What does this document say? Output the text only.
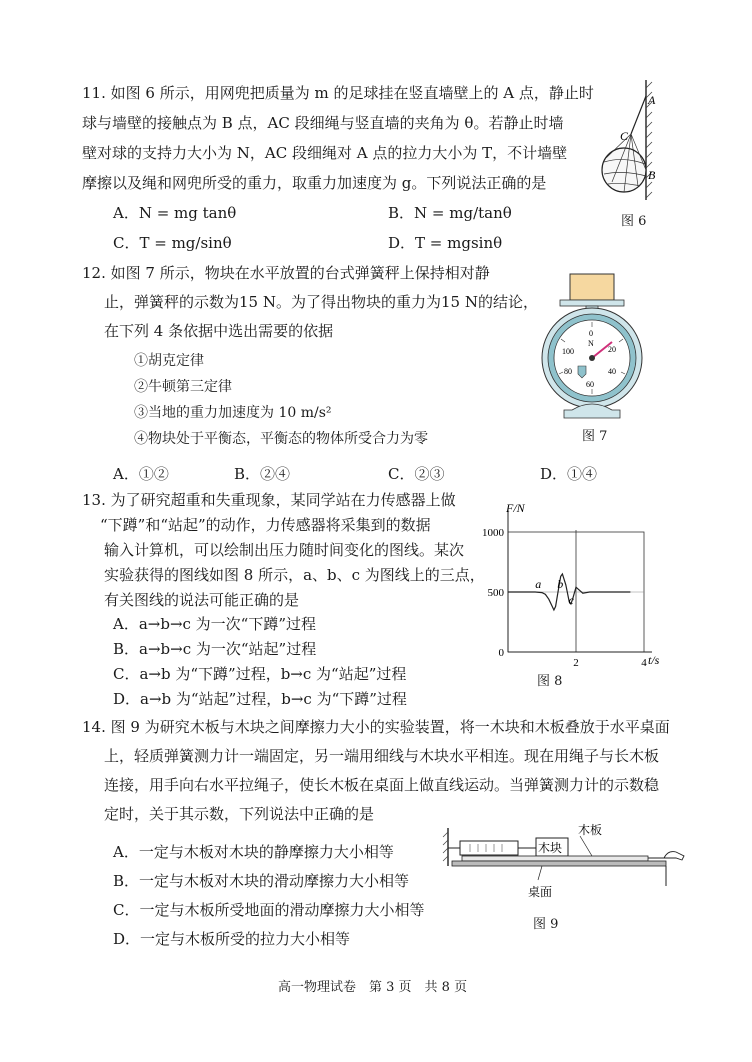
11. 如图 6 所示，用网兜把质量为 m 的足球挂在竖直墙壁上的 A 点，静止时
球与墙壁的接触点为 B 点，AC 段细绳与竖直墙的夹角为 θ。若静止时墙
壁对球的支持力大小为 N，AC 段细绳对 A 点的拉力大小为 T，不计墙壁
摩擦以及绳和网兜所受的重力，取重力加速度为 g。下列说法正确的是
A．N = mg tanθ	B．N = mg/tanθ
C．T = mg/sinθ	D．T = mgsinθ
A
C
B
图 6
12. 如图 7 所示，物块在水平放置的台式弹簧秤上保持相对静
止，弹簧秤的示数为15 N。为了得出物块的重力为15 N的结论，
在下列 4 条依据中选出需要的依据
①胡克定律
②牛顿第三定律
③当地的重力加速度为 10 m/s²
④物块处于平衡态，平衡态的物体所受合力为零
A．①②	B．②④	C．②③	D．①④
0
20
40
60
80
100
N
图 7
13. 为了研究超重和失重现象，某同学站在力传感器上做
“下蹲”和“站起”的动作，力传感器将采集到的数据
输入计算机，可以绘制出压力随时间变化的图线。某次
实验获得的图线如图 8 所示，a、b、c 为图线上的三点，
有关图线的说法可能正确的是
A．a→b→c 为一次“下蹲”过程
B．a→b→c 为一次“站起”过程
C．a→b 为“下蹲”过程，b→c 为“站起”过程
D．a→b 为“站起”过程，b→c 为“下蹲”过程
0
500
1000
2	4
F/N
t/s
a b
c
图 8
14. 图 9 为研究木板与木块之间摩擦力大小的实验装置，将一木块和木板叠放于水平桌面
上，轻质弹簧测力计一端固定，另一端用细线与木块水平相连。现在用绳子与长木板
连接，用手向右水平拉绳子，使长木板在桌面上做直线运动。当弹簧测力计的示数稳
定时，关于其示数，下列说法中正确的是
A．一定与木板对木块的静摩擦力大小相等
B．一定与木板对木块的滑动摩擦力大小相等
C．一定与木板所受地面的滑动摩擦力大小相等
D．一定与木板所受的拉力大小相等
木块
木板
桌面
图 9
高一物理试卷　第 3 页　共 8 页
